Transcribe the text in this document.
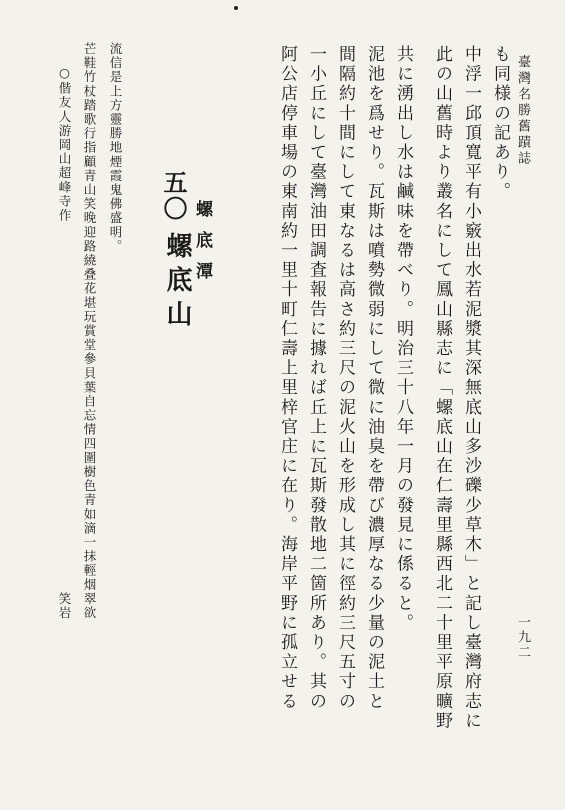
臺灣名勝舊蹟誌
一九二
○偕友人游岡山超峰寺作
笑岩 芒鞋竹杖踏歌行指顧青山笑晚迎路繞叠花堪玩賞堂參貝葉自忘情四圍樹色青如滴一抹輕烟翠欲 流信是上方靈勝地煙霞鬼佛盛明。 五〇
螺底山 螺底潭	阿公店停車場の東南約一里十町仁壽上里梓官庄に在り。海岸平野に孤立せる 一小丘にして臺灣油田調査報告に據れば丘上に瓦斯發散地二箇所あり。其の 間隔約十間にして東なるは高さ約三尺の泥火山を形成し其に徑約三尺五寸の 泥池を爲せり。瓦斯は噴勢微弱にして微に油臭を帶び濃厚なる少量の泥土と 共に湧出し水は鹹味を帶べり。明治三十八年一月の發見に係ると。 此の山舊時より叢名にして鳳山縣志に「螺底山在仁壽里縣西北二十里平原曠野 中浮一邱頂寬平有小竅出水若泥漿其深無底山多沙礫少草木」と記し臺灣府志に も同様の記あり。
